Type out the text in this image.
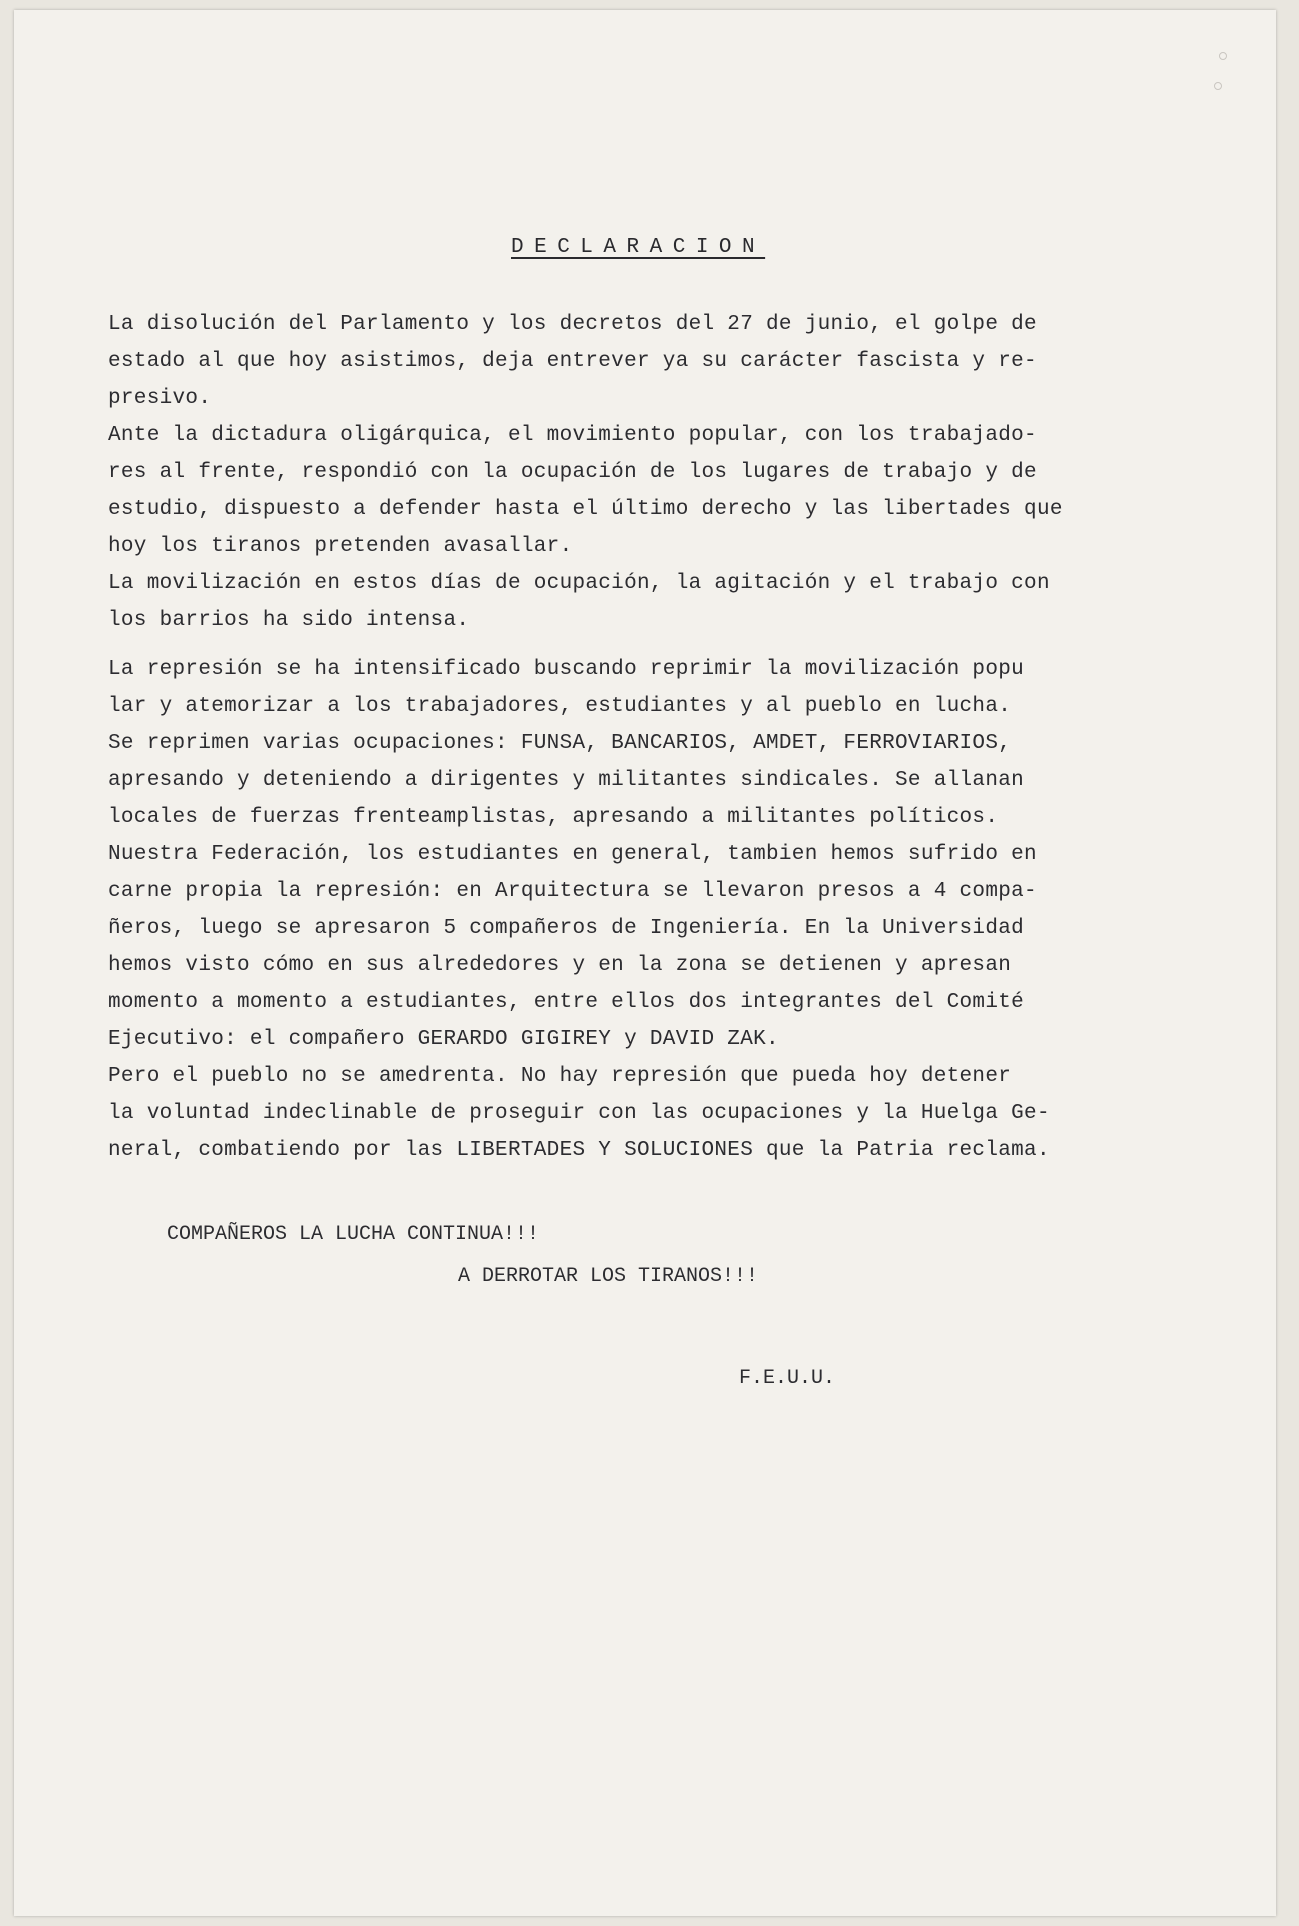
DECLARACION

La disolución del Parlamento y los decretos del 27 de junio, el golpe de
estado al que hoy asistimos, deja entrever ya su carácter fascista y re-
presivo.

Ante la dictadura oligárquica, el movimiento popular, con los trabajado-
res al frente, respondió con la ocupación de los lugares de trabajo y de
estudio, dispuesto a defender hasta el último derecho y las libertades que
hoy los tiranos pretenden avasallar.

La movilización en estos días de ocupación, la agitación y el trabajo con
los barrios ha sido intensa.

La represión se ha intensificado buscando reprimir la movilización popu
lar y atemorizar a los trabajadores, estudiantes y al pueblo en lucha.
Se reprimen varias ocupaciones: FUNSA, BANCARIOS, AMDET, FERROVIARIOS,
apresando y deteniendo a dirigentes y militantes sindicales. Se allanan
locales de fuerzas frenteamplistas, apresando a militantes políticos.
Nuestra Federación, los estudiantes en general, tambien hemos sufrido en
carne propia la represión: en Arquitectura se llevaron presos a 4 compa-
ñeros, luego se apresaron 5 compañeros de Ingeniería. En la Universidad
hemos visto cómo en sus alrededores y en la zona se detienen y apresan
momento a momento a estudiantes, entre ellos dos integrantes del Comité
Ejecutivo: el compañero GERARDO GIGIREY y DAVID ZAK.
Pero el pueblo no se amedrenta. No hay represión que pueda hoy detener
la voluntad indeclinable de proseguir con las ocupaciones y la Huelga Ge-
neral, combatiendo por las LIBERTADES Y SOLUCIONES que la Patria reclama.

COMPAÑEROS LA LUCHA CONTINUA!!!
A DERROTAR LOS TIRANOS!!!
F.E.U.U.
